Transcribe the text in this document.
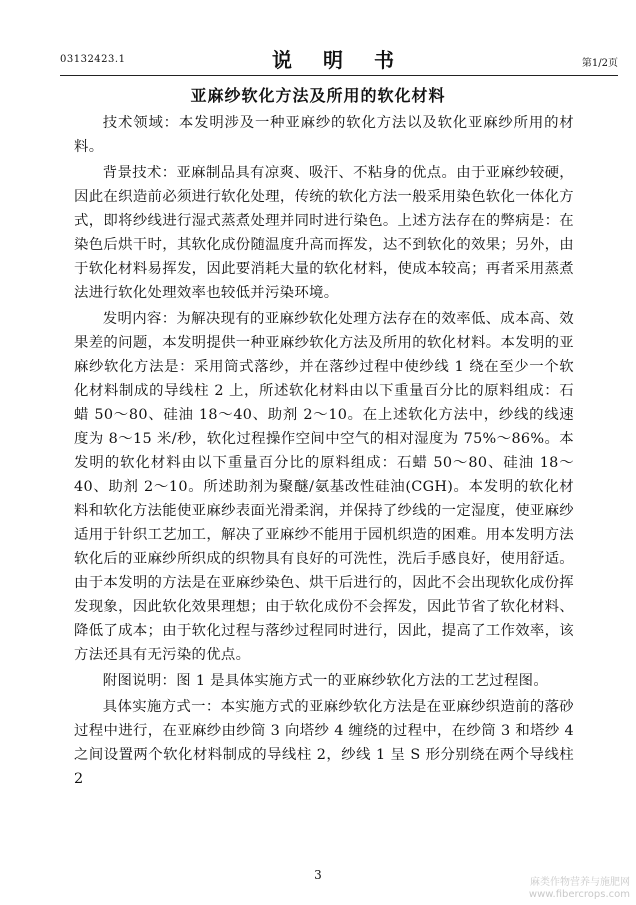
03132423.1	说 明 书	第1/2页
亚麻纱软化方法及所用的软化材料

技术领域：本发明涉及一种亚麻纱的软化方法以及软化亚麻纱所用的材料。

背景技术：亚麻制品具有凉爽、吸汗、不粘身的优点。由于亚麻纱较硬，因此在织造前必须进行软化处理，传统的软化方法一般采用染色软化一体化方式，即将纱线进行湿式蒸煮处理并同时进行染色。上述方法存在的弊病是：在染色后烘干时，其软化成份随温度升高而挥发，达不到软化的效果；另外，由于软化材料易挥发，因此要消耗大量的软化材料，使成本较高；再者采用蒸煮法进行软化处理效率也较低并污染环境。

发明内容：为解决现有的亚麻纱软化处理方法存在的效率低、成本高、效果差的问题，本发明提供一种亚麻纱软化方法及所用的软化材料。本发明的亚麻纱软化方法是：采用筒式落纱，并在落纱过程中使纱线 1 绕在至少一个软化材料制成的导线柱 2 上，所述软化材料由以下重量百分比的原料组成：石蜡 50～80、硅油 18～40、助剂 2～10。在上述软化方法中，纱线的线速度为 8～15 米/秒，软化过程操作空间中空气的相对湿度为 75%～86%。本发明的软化材料由以下重量百分比的原料组成：石蜡 50～80、硅油 18～40、助剂 2～10。所述助剂为聚醚/氨基改性硅油(CGH)。本发明的软化材料和软化方法能使亚麻纱表面光滑柔润，并保持了纱线的一定湿度，使亚麻纱适用于针织工艺加工，解决了亚麻纱不能用于园机织造的困难。用本发明方法软化后的亚麻纱所织成的织物具有良好的可洗性，洗后手感良好，使用舒适。由于本发明的方法是在亚麻纱染色、烘干后进行的，因此不会出现软化成份挥发现象，因此软化效果理想；由于软化成份不会挥发，因此节省了软化材料、降低了成本；由于软化过程与落纱过程同时进行，因此，提高了工作效率，该方法还具有无污染的优点。

附图说明：图 1 是具体实施方式一的亚麻纱软化方法的工艺过程图。

具体实施方式一：本实施方式的亚麻纱软化方法是在亚麻纱织造前的落砂过程中进行，在亚麻纱由纱筒 3 向塔纱 4 缠绕的过程中，在纱筒 3 和塔纱 4 之间设置两个软化材料制成的导线柱 2，纱线 1 呈 S 形分别绕在两个导线柱 2

3
麻类作物营养与施肥网
www.fibercrops.com
